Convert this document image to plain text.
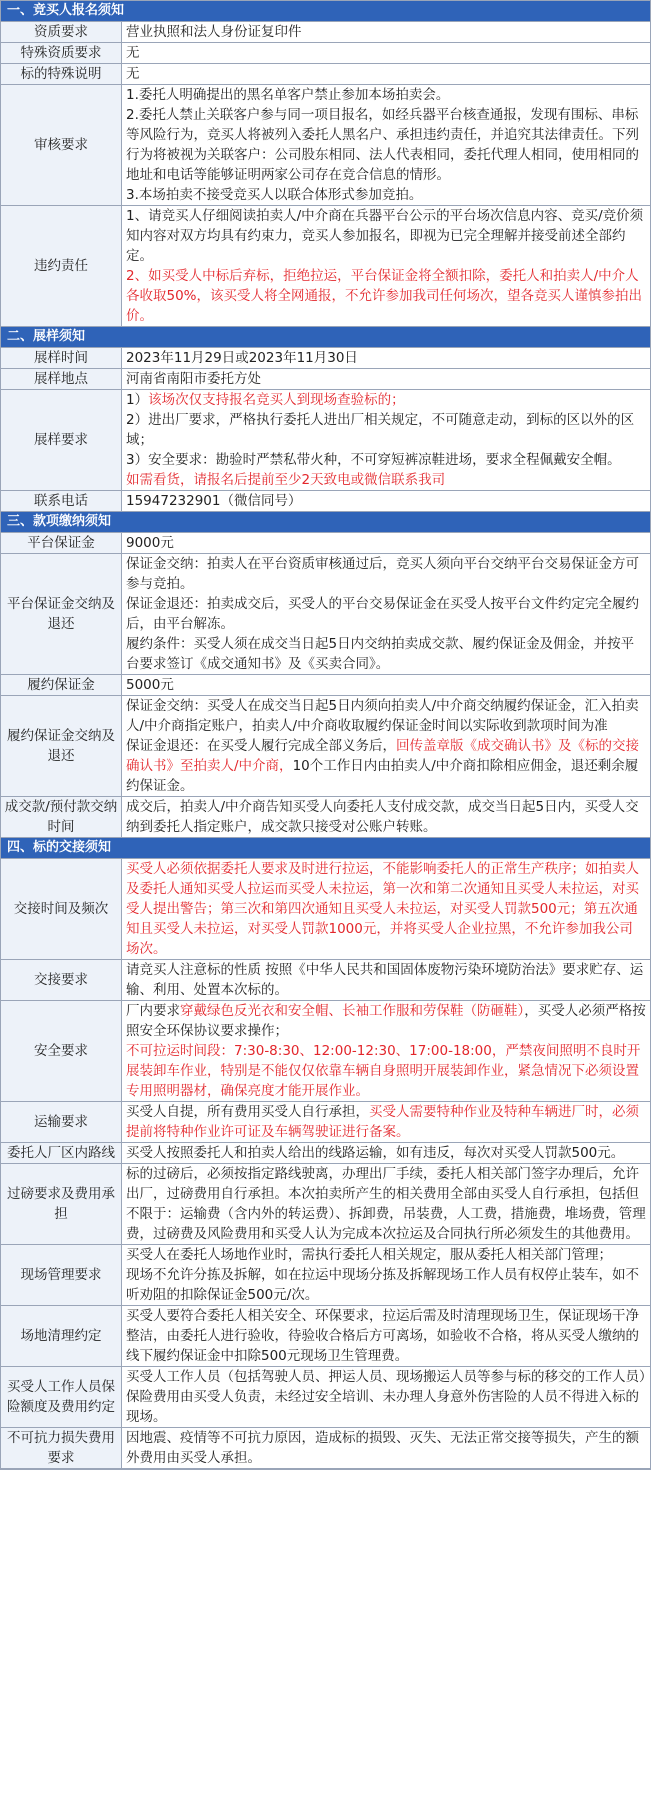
一、竞买人报名须知
资质要求	营业执照和法人身份证复印件

特殊资质要求	无

标的特殊说明	无

审核要求	1.委托人明确提出的黑名单客户禁止参加本场拍卖会。

2.委托人禁止关联客户参与同一项目报名，如经兵器平台核查通报，发现有围标、串标等风险行为，竞买人将被列入委托人黑名户、承担违约责任，并追究其法律责任。下列行为将被视为关联客户：公司股东相同、法人代表相同，委托代理人相同，使用相同的地址和电话等能够证明两家公司存在竞合信息的情形。

3.本场拍卖不接受竞买人以联合体形式参加竞拍。

违约责任	1、请竞买人仔细阅读拍卖人/中介商在兵器平台公示的平台场次信息内容、竞买/竞价须知内容对双方均具有约束力，竞买人参加报名，即视为已完全理解并接受前述全部约定。

2、如买受人中标后弃标，拒绝拉运，平台保证金将全额扣除，委托人和拍卖人/中介人各收取50%，该买受人将全网通报，不允许参加我司任何场次，望各竞买人谨慎参拍出价。

二、展样须知
展样时间	2023年11月29日或2023年11月30日

展样地点	河南省南阳市委托方处

展样要求	1）该场次仅支持报名竞买人到现场查验标的；

2）进出厂要求，严格执行委托人进出厂相关规定，不可随意走动，到标的区以外的区域；

3）安全要求：勘验时严禁私带火种，不可穿短裤凉鞋进场，要求全程佩戴安全帽。

如需看货，请报名后提前至少2天致电或微信联系我司

联系电话	15947232901（微信同号）

三、款项缴纳须知
平台保证金	9000元

平台保证金交纳及退还	保证金交纳：拍卖人在平台资质审核通过后，竞买人须向平台交纳平台交易保证金方可参与竞拍。

保证金退还：拍卖成交后，买受人的平台交易保证金在买受人按平台文件约定完全履约后，由平台解冻。

履约条件：买受人须在成交当日起5日内交纳拍卖成交款、履约保证金及佣金，并按平台要求签订《成交通知书》及《买卖合同》。

履约保证金	5000元

履约保证金交纳及退还	保证金交纳：买受人在成交当日起5日内须向拍卖人/中介商交纳履约保证金，汇入拍卖人/中介商指定账户，拍卖人/中介商收取履约保证金时间以实际收到款项时间为准

保证金退还：在买受人履行完成全部义务后，回传盖章版《成交确认书》及《标的交接确认书》至拍卖人/中介商，10个工作日内由拍卖人/中介商扣除相应佣金，退还剩余履约保证金。

成交款/预付款交纳时间	成交后，拍卖人/中介商告知买受人向委托人支付成交款，成交当日起5日内，买受人交纳到委托人指定账户，成交款只接受对公账户转账。

四、标的交接须知
交接时间及频次	买受人必须依据委托人要求及时进行拉运，不能影响委托人的正常生产秩序；如拍卖人及委托人通知买受人拉运而买受人未拉运，第一次和第二次通知且买受人未拉运，对买受人提出警告；第三次和第四次通知且买受人未拉运，对买受人罚款500元；第五次通知且买受人未拉运，对买受人罚款1000元，并将买受人企业拉黑，不允许参加我公司场次。

交接要求	请竞买人注意标的性质 按照《中华人民共和国固体废物污染环境防治法》要求贮存、运输、利用、处置本次标的。

安全要求	厂内要求穿戴绿色反光衣和安全帽、长袖工作服和劳保鞋（防砸鞋），买受人必须严格按照安全环保协议要求操作；

不可拉运时间段：7:30-8:30、12:00-12:30、17:00-18:00，严禁夜间照明不良时开展装卸车作业，特别是不能仅仅依靠车辆自身照明开展装卸作业，紧急情况下必须设置专用照明器材，确保亮度才能开展作业。

运输要求	买受人自提，所有费用买受人自行承担，买受人需要特种作业及特种车辆进厂时，必须提前将特种作业许可证及车辆驾驶证进行备案。

委托人厂区内路线	买受人按照委托人和拍卖人给出的线路运输，如有违反，每次对买受人罚款500元。

过磅要求及费用承担	标的过磅后，必须按指定路线驶离，办理出厂手续，委托人相关部门签字办理后，允许出厂，过磅费用自行承担。本次拍卖所产生的相关费用全部由买受人自行承担，包括但不限于：运输费（含内外的转运费）、拆卸费，吊装费，人工费，措施费，堆场费，管理费，过磅费及风险费用和买受人认为完成本次拉运及合同执行所必须发生的其他费用。

现场管理要求	买受人在委托人场地作业时，需执行委托人相关规定，服从委托人相关部门管理；

现场不允许分拣及拆解，如在拉运中现场分拣及拆解现场工作人员有权停止装车，如不听劝阻的扣除保证金500元/次。

场地清理约定	买受人要符合委托人相关安全、环保要求，拉运后需及时清理现场卫生，保证现场干净整洁，由委托人进行验收，待验收合格后方可离场，如验收不合格，将从买受人缴纳的线下履约保证金中扣除500元现场卫生管理费。

买受人工作人员保险额度及费用约定	买受人工作人员（包括驾驶人员、押运人员、现场搬运人员等参与标的移交的工作人员）保险费用由买受人负责，未经过安全培训、未办理人身意外伤害险的人员不得进入标的现场。

不可抗力损失费用要求	因地震、疫情等不可抗力原因，造成标的损毁、灭失、无法正常交接等损失，产生的额外费用由买受人承担。
